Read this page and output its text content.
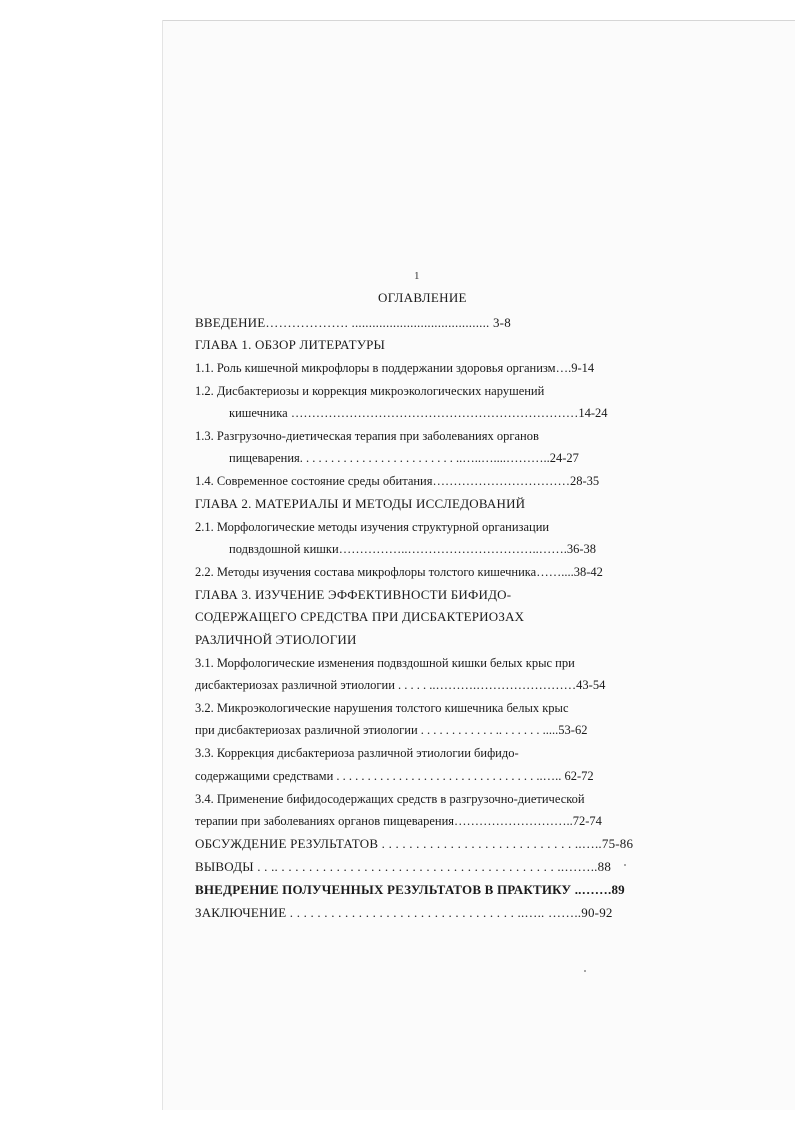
1
ОГЛАВЛЕНИЕ
ВВЕДЕНИЕ………………. ........................................ 3-8
ГЛАВА 1. ОБЗОР ЛИТЕРАТУРЫ
1.1. Роль кишечной микрофлоры в поддержании здоровья организм….9-14
1.2. Дисбактериозы и коррекция микроэкологических нарушений
кишечника ……………………………………………………………14-24
1.3. Разгрузочно-диетическая терапия при заболеваниях органов
пищеварения. . . . . . . . . . . . . . . . . . . . . . . . . ..…..…....………..24-27
1.4. Современное состояние среды обитания……………………………28-35
ГЛАВА 2. МАТЕРИАЛЫ И МЕТОДЫ ИССЛЕДОВАНИЙ
2.1. Морфологические методы изучения структурной организации
подвздошной кишки……………..…………………………..…….36-38
2.2. Методы изучения состава микрофлоры толстого кишечника……....38-42
ГЛАВА 3. ИЗУЧЕНИЕ ЭФФЕКТИВНОСТИ БИФИДО-
СОДЕРЖАЩЕГО СРЕДСТВА ПРИ ДИСБАКТЕРИОЗАХ
РАЗЛИЧНОЙ ЭТИОЛОГИИ
3.1. Морфологические изменения подвздошной кишки белых крыс при
дисбактериозах различной этиологии . . . . . ..……….……………………43-54
3.2. Микроэкологические нарушения толстого кишечника белых крыс
при дисбактериозах различной этиологии . . . . . . . . . . . . .. . . . . . . .....53-62
3.3. Коррекция дисбактериоза различной этиологии бифидо-
содержащими средствами . . . . . . . . . . . . . . . . . . . . . . . . . . . . . . . . ..….. 62-72
3.4. Применение бифидосодержащих средств в разгрузочно-диетической
терапии при заболеваниях органов пищеварения………………………..72-74
ОБСУЖДЕНИЕ РЕЗУЛЬТАТОВ . . . . . . . . . . . . . . . . . . . . . . . . . . . . ..…..75-86
ВЫВОДЫ . . .. . . . . . . . . . . . . . . . . . . . . . . . . . . . . . . . . . . . . . . . . ..……..88
ВНЕДРЕНИЕ ПОЛУЧЕННЫХ РЕЗУЛЬТАТОВ В ПРАКТИКУ ..…….89
ЗАКЛЮЧЕНИЕ . . . . . . . . . . . . . . . . . . . . . . . . . . . . . . . . . ..….. ……..90-92
